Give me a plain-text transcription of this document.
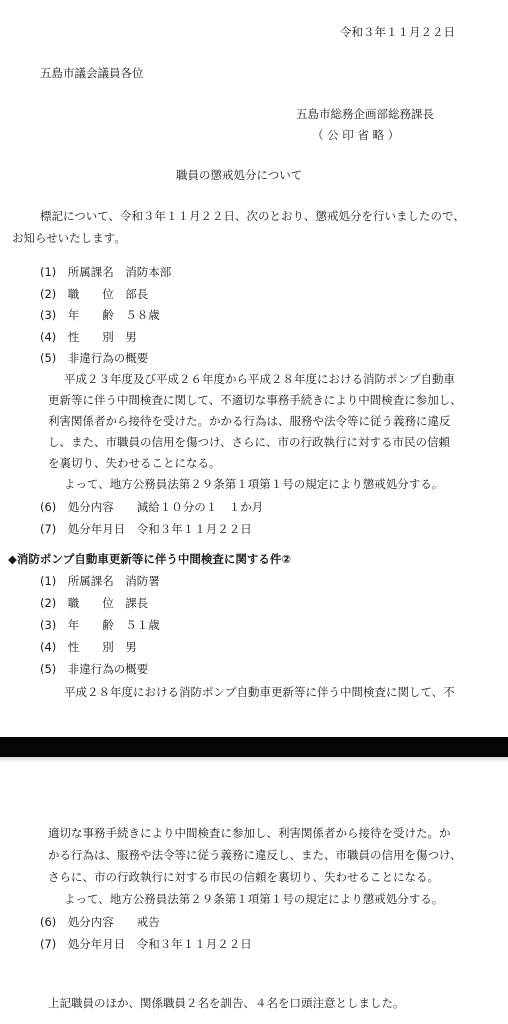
令和３年１１月２２日
五島市議会議員各位
五島市総務企画部総務課長
（ 公 印 省 略 ）
職員の懲戒処分について
標記について、令和３年１１月２２日、次のとおり、懲戒処分を行いましたので、
お知らせいたします。
(1)　所属課名　消防本部
(2)　職　　位　部長
(3)　年　　齢　５８歳
(4)　性　　別　男
(5)　非違行為の概要
平成２３年度及び平成２６年度から平成２８年度における消防ポンプ自動車
更新等に伴う中間検査に関して、不適切な事務手続きにより中間検査に参加し、
利害関係者から接待を受けた。かかる行為は、服務や法令等に従う義務に違反
し、また、市職員の信用を傷つけ、さらに、市の行政執行に対する市民の信頼
を裏切り、失わせることになる。
よって、地方公務員法第２９条第１項第１号の規定により懲戒処分する。
(6)　処分内容　　減給１０分の１　１か月
(7)　処分年月日　令和３年１１月２２日
◆消防ポンプ自動車更新等に伴う中間検査に関する件②
(1)　所属課名　消防署
(2)　職　　位　課長
(3)　年　　齢　５１歳
(4)　性　　別　男
(5)　非違行為の概要
平成２８年度における消防ポンプ自動車更新等に伴う中間検査に関して、不
適切な事務手続きにより中間検査に参加し、利害関係者から接待を受けた。か
かる行為は、服務や法令等に従う義務に違反し、また、市職員の信用を傷つけ、
さらに、市の行政執行に対する市民の信頼を裏切り、失わせることになる。
よって、地方公務員法第２９条第１項第１号の規定により懲戒処分する。
(6)　処分内容　　戒告
(7)　処分年月日　令和３年１１月２２日
上記職員のほか、関係職員２名を訓告、４名を口頭注意としました。
